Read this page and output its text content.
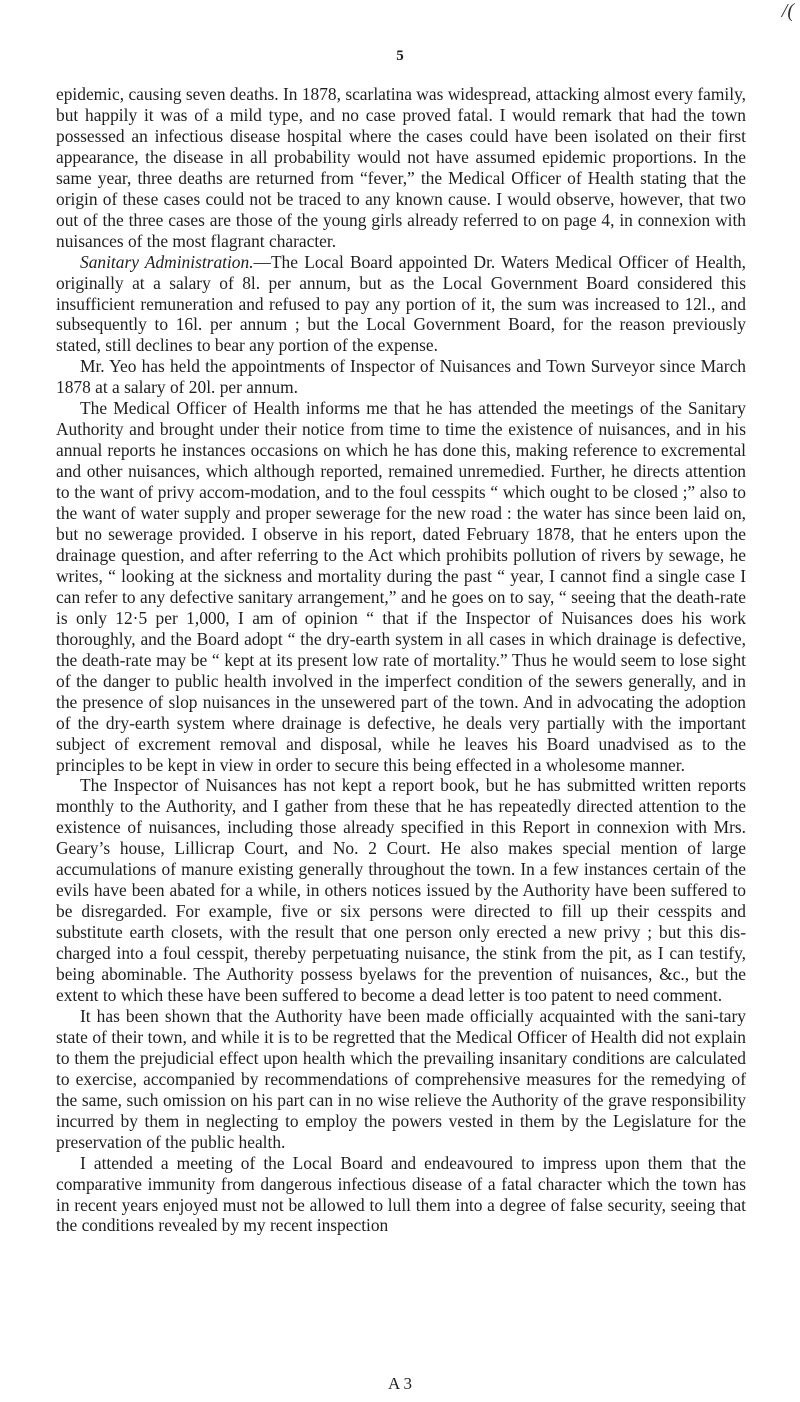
/(
5

epidemic, causing seven deaths. In 1878, scarlatina was widespread, attacking almost every family, but happily it was of a mild type, and no case proved fatal. I would remark that had the town possessed an infectious disease hospital where the cases could have been isolated on their first appearance, the disease in all probability would not have assumed epidemic proportions. In the same year, three deaths are returned from “fever,” the Medical Officer of Health stating that the origin of these cases could not be traced to any known cause. I would observe, however, that two out of the three cases are those of the young girls already referred to on page 4, in connexion with nuisances of the most flagrant character.

Sanitary Administration.—The Local Board appointed Dr. Waters Medical Officer of Health, originally at a salary of 8l. per annum, but as the Local Government Board considered this insufficient remuneration and refused to pay any portion of it, the sum was increased to 12l., and subsequently to 16l. per annum ; but the Local Government Board, for the reason previously stated, still declines to bear any portion of the expense.

Mr. Yeo has held the appointments of Inspector of Nuisances and Town Surveyor since March 1878 at a salary of 20l. per annum.

The Medical Officer of Health informs me that he has attended the meetings of the Sanitary Authority and brought under their notice from time to time the existence of nuisances, and in his annual reports he instances occasions on which he has done this, making reference to excremental and other nuisances, which although reported, remained unremedied. Further, he directs attention to the want of privy accom-modation, and to the foul cesspits “ which ought to be closed ;” also to the want of water supply and proper sewerage for the new road : the water has since been laid on, but no sewerage provided. I observe in his report, dated February 1878, that he enters upon the drainage question, and after referring to the Act which prohibits pollution of rivers by sewage, he writes, “ looking at the sickness and mortality during the past “ year, I cannot find a single case I can refer to any defective sanitary arrangement,” and he goes on to say, “ seeing that the death-rate is only 12·5 per 1,000, I am of opinion “ that if the Inspector of Nuisances does his work thoroughly, and the Board adopt “ the dry-earth system in all cases in which drainage is defective, the death-rate may be “ kept at its present low rate of mortality.” Thus he would seem to lose sight of the danger to public health involved in the imperfect condition of the sewers generally, and in the presence of slop nuisances in the unsewered part of the town. And in advocating the adoption of the dry-earth system where drainage is defective, he deals very partially with the important subject of excrement removal and disposal, while he leaves his Board unadvised as to the principles to be kept in view in order to secure this being effected in a wholesome manner.

The Inspector of Nuisances has not kept a report book, but he has submitted written reports monthly to the Authority, and I gather from these that he has repeatedly directed attention to the existence of nuisances, including those already specified in this Report in connexion with Mrs. Geary’s house, Lillicrap Court, and No. 2 Court. He also makes special mention of large accumulations of manure existing generally throughout the town. In a few instances certain of the evils have been abated for a while, in others notices issued by the Authority have been suffered to be disregarded. For example, five or six persons were directed to fill up their cesspits and substitute earth closets, with the result that one person only erected a new privy ; but this dis-charged into a foul cesspit, thereby perpetuating nuisance, the stink from the pit, as I can testify, being abominable. The Authority possess byelaws for the prevention of nuisances, &c., but the extent to which these have been suffered to become a dead letter is too patent to need comment.

It has been shown that the Authority have been made officially acquainted with the sani-tary state of their town, and while it is to be regretted that the Medical Officer of Health did not explain to them the prejudicial effect upon health which the prevailing insanitary conditions are calculated to exercise, accompanied by recommendations of comprehensive measures for the remedying of the same, such omission on his part can in no wise relieve the Authority of the grave responsibility incurred by them in neglecting to employ the powers vested in them by the Legislature for the preservation of the public health.

I attended a meeting of the Local Board and endeavoured to impress upon them that the comparative immunity from dangerous infectious disease of a fatal character which the town has in recent years enjoyed must not be allowed to lull them into a degree of false security, seeing that the conditions revealed by my recent inspection

A 3
